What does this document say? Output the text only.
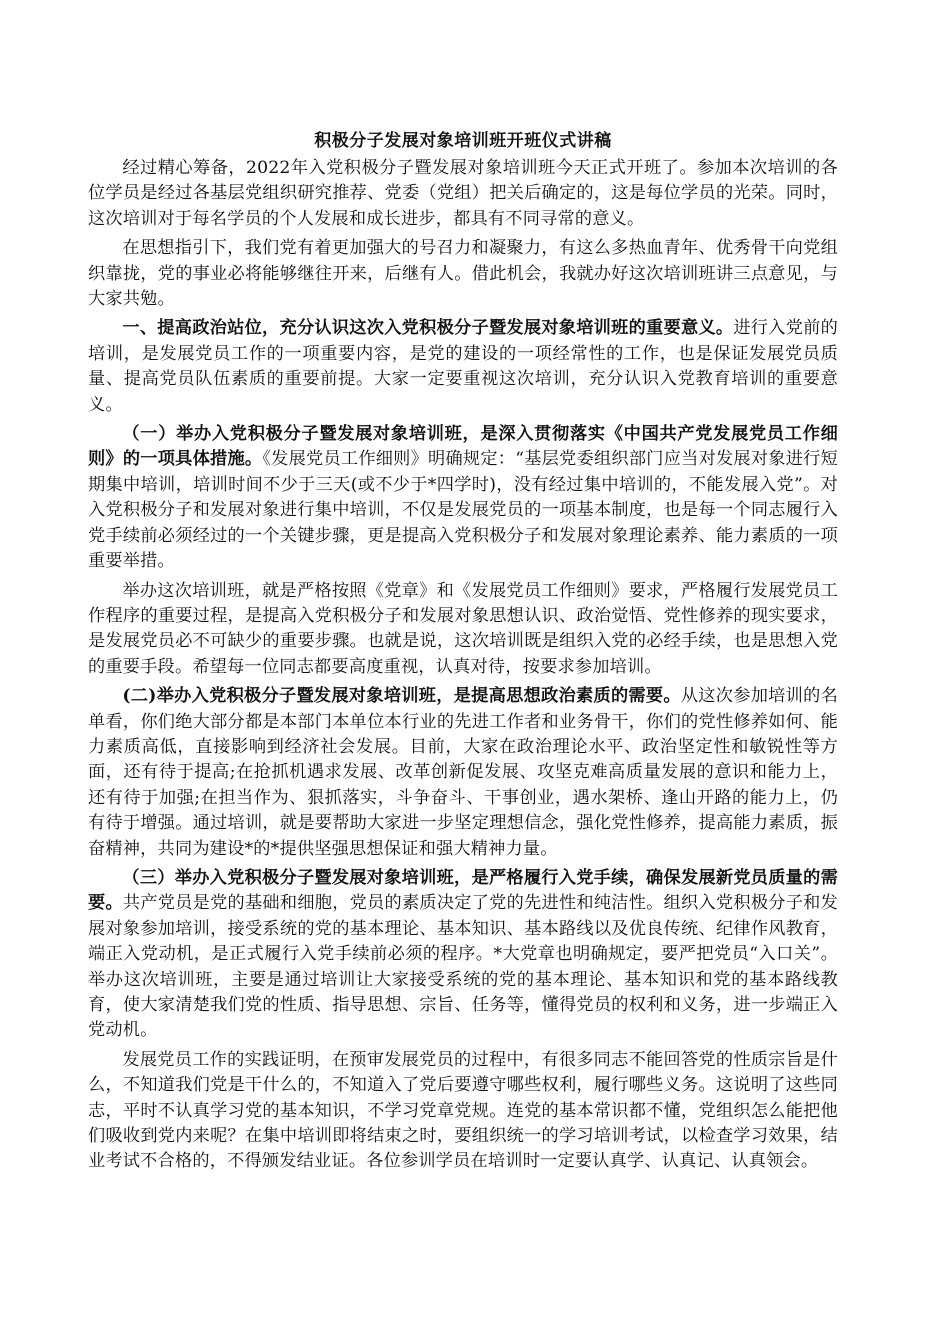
积极分子发展对象培训班开班仪式讲稿

经过精心筹备，2022年入党积极分子暨发展对象培训班今天正式开班了。参加本次培训的各位学员是经过各基层党组织研究推荐、党委（党组）把关后确定的，这是每位学员的光荣。同时，这次培训对于每名学员的个人发展和成长进步，都具有不同寻常的意义。

在思想指引下，我们党有着更加强大的号召力和凝聚力，有这么多热血青年、优秀骨干向党组织靠拢，党的事业必将能够继往开来，后继有人。借此机会，我就办好这次培训班讲三点意见，与大家共勉。

一、提高政治站位，充分认识这次入党积极分子暨发展对象培训班的重要意义。进行入党前的培训，是发展党员工作的一项重要内容，是党的建设的一项经常性的工作，也是保证发展党员质量、提高党员队伍素质的重要前提。大家一定要重视这次培训，充分认识入党教育培训的重要意义。

（一）举办入党积极分子暨发展对象培训班，是深入贯彻落实《中国共产党发展党员工作细则》的一项具体措施。《发展党员工作细则》明确规定：“基层党委组织部门应当对发展对象进行短期集中培训，培训时间不少于三天(或不少于*四学时)，没有经过集中培训的，不能发展入党”。对入党积极分子和发展对象进行集中培训，不仅是发展党员的一项基本制度，也是每一个同志履行入党手续前必须经过的一个关键步骤，更是提高入党积极分子和发展对象理论素养、能力素质的一项重要举措。

举办这次培训班，就是严格按照《党章》和《发展党员工作细则》要求，严格履行发展党员工作程序的重要过程，是提高入党积极分子和发展对象思想认识、政治觉悟、党性修养的现实要求，是发展党员必不可缺少的重要步骤。也就是说，这次培训既是组织入党的必经手续，也是思想入党的重要手段。希望每一位同志都要高度重视，认真对待，按要求参加培训。

(二)举办入党积极分子暨发展对象培训班，是提高思想政治素质的需要。从这次参加培训的名单看，你们绝大部分都是本部门本单位本行业的先进工作者和业务骨干，你们的党性修养如何、能力素质高低，直接影响到经济社会发展。目前，大家在政治理论水平、政治坚定性和敏锐性等方面，还有待于提高;在抢抓机遇求发展、改革创新促发展、攻坚克难高质量发展的意识和能力上，还有待于加强;在担当作为、狠抓落实，斗争奋斗、干事创业，遇水架桥、逢山开路的能力上，仍有待于增强。通过培训，就是要帮助大家进一步坚定理想信念，强化党性修养，提高能力素质，振奋精神，共同为建设*的*提供坚强思想保证和强大精神力量。

（三）举办入党积极分子暨发展对象培训班，是严格履行入党手续，确保发展新党员质量的需要。共产党员是党的基础和细胞，党员的素质决定了党的先进性和纯洁性。组织入党积极分子和发展对象参加培训，接受系统的党的基本理论、基本知识、基本路线以及优良传统、纪律作风教育，端正入党动机，是正式履行入党手续前必须的程序。*大党章也明确规定，要严把党员“入口关”。举办这次培训班，主要是通过培训让大家接受系统的党的基本理论、基本知识和党的基本路线教育，使大家清楚我们党的性质、指导思想、宗旨、任务等，懂得党员的权利和义务，进一步端正入党动机。

发展党员工作的实践证明，在预审发展党员的过程中，有很多同志不能回答党的性质宗旨是什么，不知道我们党是干什么的，不知道入了党后要遵守哪些权利，履行哪些义务。这说明了这些同志，平时不认真学习党的基本知识，不学习党章党规。连党的基本常识都不懂，党组织怎么能把他们吸收到党内来呢？在集中培训即将结束之时，要组织统一的学习培训考试，以检查学习效果，结业考试不合格的，不得颁发结业证。各位参训学员在培训时一定要认真学、认真记、认真领会。
